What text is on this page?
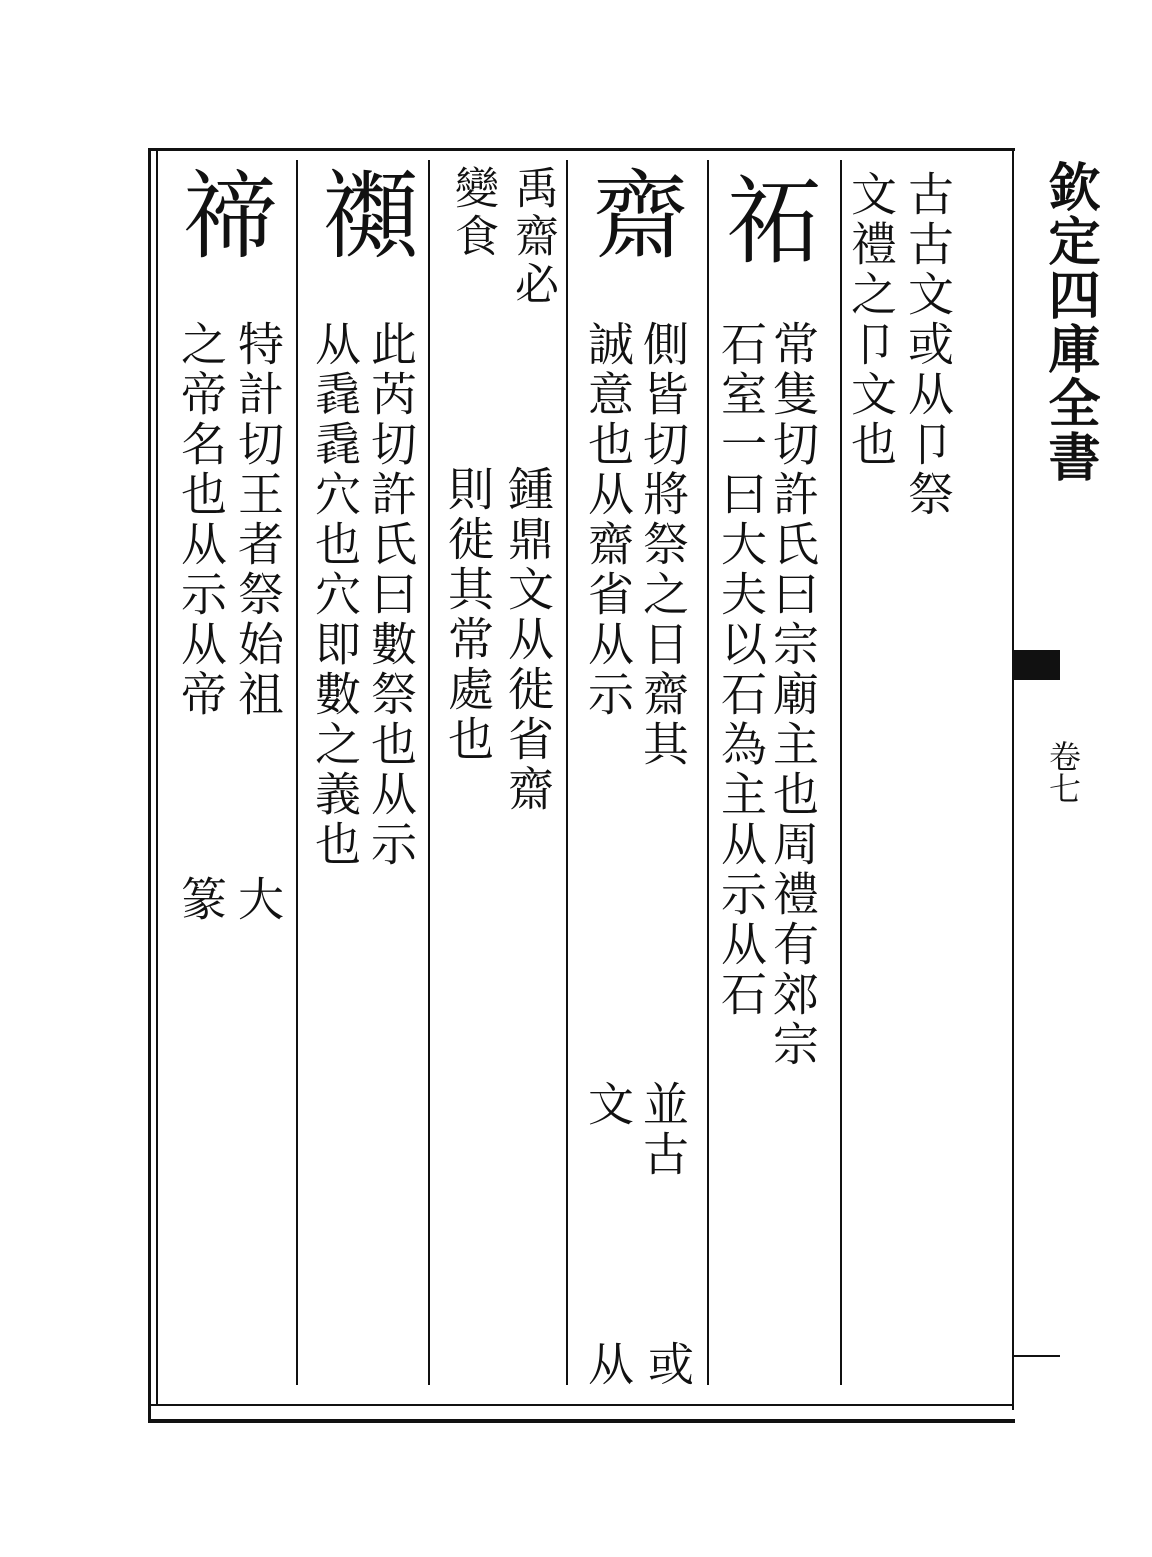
欽定四庫全書
卷七
古古文或从卩祭
文禮之卩文也
祏
常隻切許氏曰宗廟主也周禮有郊宗
石室一曰大夫以石為主从示从石
齋
側皆切將祭之日齋其
並古
或
誠意也从齋省从示
文
从
禹齋必
鍾鼎文从徙省齋
變食
則徙其常處也
禷
此芮切許氏曰數祭也从示
从毳毳穴也穴即數之義也
禘
特計切王者祭始祖
大
之帝名也从示从帝
篆
